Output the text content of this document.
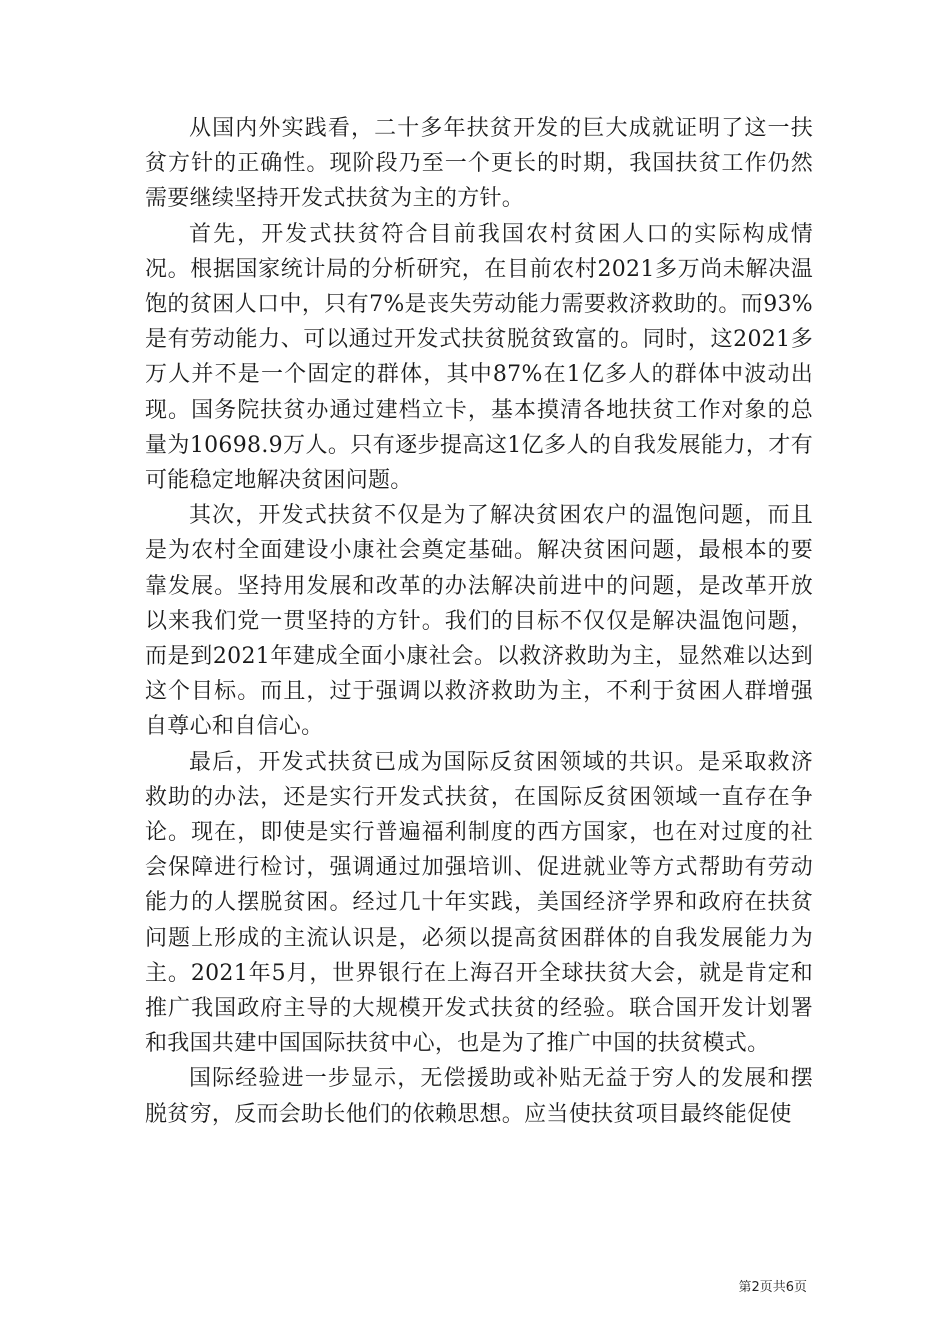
从国内外实践看，二十多年扶贫开发的巨大成就证明了这一扶贫方针的正确性。现阶段乃至一个更长的时期，我国扶贫工作仍然需要继续坚持开发式扶贫为主的方针。

首先，开发式扶贫符合目前我国农村贫困人口的实际构成情况。根据国家统计局的分析研究，在目前农村2021多万尚未解决温饱的贫困人口中，只有7%是丧失劳动能力需要救济救助的。而93%是有劳动能力、可以通过开发式扶贫脱贫致富的。同时，这2021多万人并不是一个固定的群体，其中87%在1亿多人的群体中波动出现。国务院扶贫办通过建档立卡，基本摸清各地扶贫工作对象的总量为10698.9万人。只有逐步提高这1亿多人的自我发展能力，才有可能稳定地解决贫困问题。

其次，开发式扶贫不仅是为了解决贫困农户的温饱问题，而且是为农村全面建设小康社会奠定基础。解决贫困问题，最根本的要靠发展。坚持用发展和改革的办法解决前进中的问题，是改革开放以来我们党一贯坚持的方针。我们的目标不仅仅是解决温饱问题，而是到2021年建成全面小康社会。以救济救助为主，显然难以达到这个目标。而且，过于强调以救济救助为主，不利于贫困人群增强自尊心和自信心。

最后，开发式扶贫已成为国际反贫困领域的共识。是采取救济救助的办法，还是实行开发式扶贫，在国际反贫困领域一直存在争论。现在，即使是实行普遍福利制度的西方国家，也在对过度的社会保障进行检讨，强调通过加强培训、促进就业等方式帮助有劳动能力的人摆脱贫困。经过几十年实践，美国经济学界和政府在扶贫问题上形成的主流认识是，必须以提高贫困群体的自我发展能力为主。2021年5月，世界银行在上海召开全球扶贫大会，就是肯定和推广我国政府主导的大规模开发式扶贫的经验。联合国开发计划署和我国共建中国国际扶贫中心，也是为了推广中国的扶贫模式。

国际经验进一步显示，无偿援助或补贴无益于穷人的发展和摆脱贫穷，反而会助长他们的依赖思想。应当使扶贫项目最终能促使

第2页共6页
